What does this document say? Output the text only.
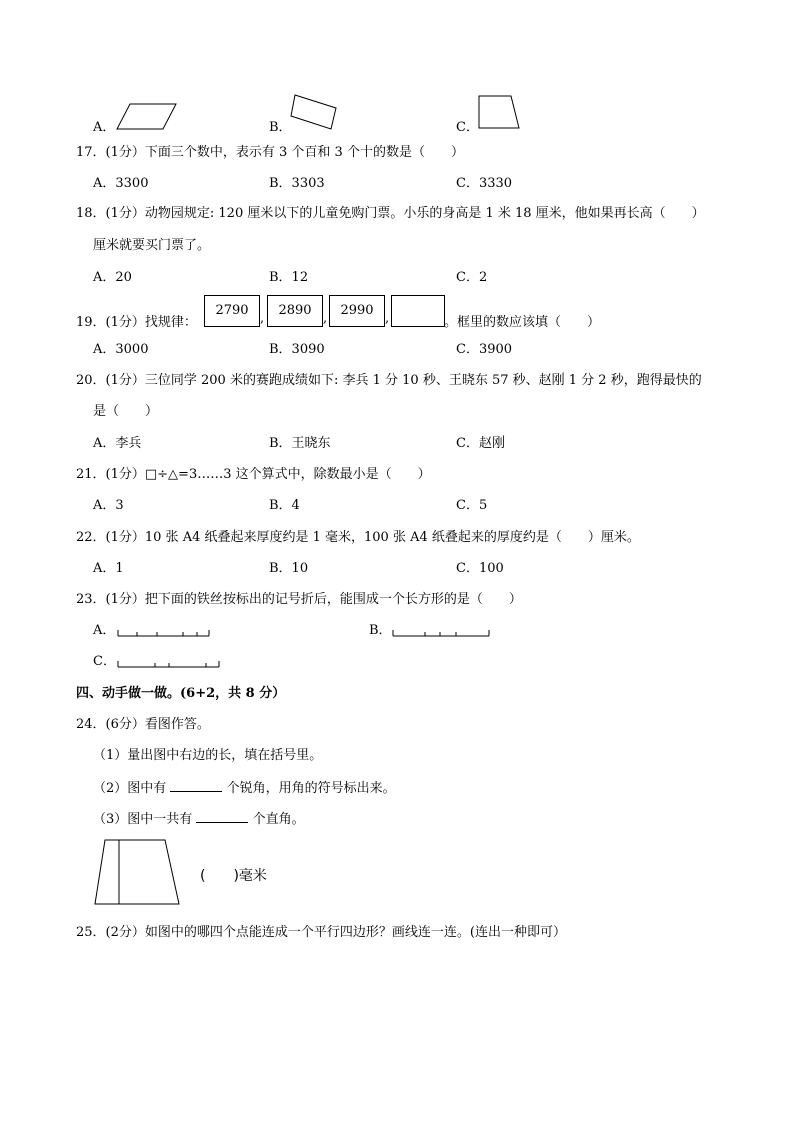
A．	B．	C．
17．(1分）下面三个数中，表示有 3 个百和 3 个十的数是（　　）
A．3300	B．3303	C．3330
18．(1分）动物园规定: 120 厘米以下的儿童免购门票。小乐的身高是 1 米 18 厘米，他如果再长高（　　）
厘米就要买门票了。
A．20	B．12	C．2
19．(1分）找规律：
2790
,
2890
,
2990
,	。框里的数应该填（　　）
A．3000	B．3090	C．3900
20．(1分）三位同学 200 米的赛跑成绩如下: 李兵 1 分 10 秒、王晓东 57 秒、赵刚 1 分 2 秒，跑得最快的
是（　　）
A．李兵	B．王晓东	C．赵刚
21．(1分）□÷△=3……3 这个算式中，除数最小是（　　）
A．3	B．4	C．5
22．(1分）10 张 A4 纸叠起来厚度约是 1 毫米，100 张 A4 纸叠起来的厚度约是（　　）厘米。
A．1	B．10	C．100
23．(1分）把下面的铁丝按标出的记号折后，能围成一个长方形的是（　　）
A．	B．
C．
四、动手做一做。(6+2，共 8 分）
24．(6分）看图作答。
（1）量出图中右边的长，填在括号里。
（2）图中有	个锐角，用角的符号标出来。
（3）图中一共有	个直角。
(　　)毫米
25．(2分）如图中的哪四个点能连成一个平行四边形？画线连一连。(连出一种即可）
